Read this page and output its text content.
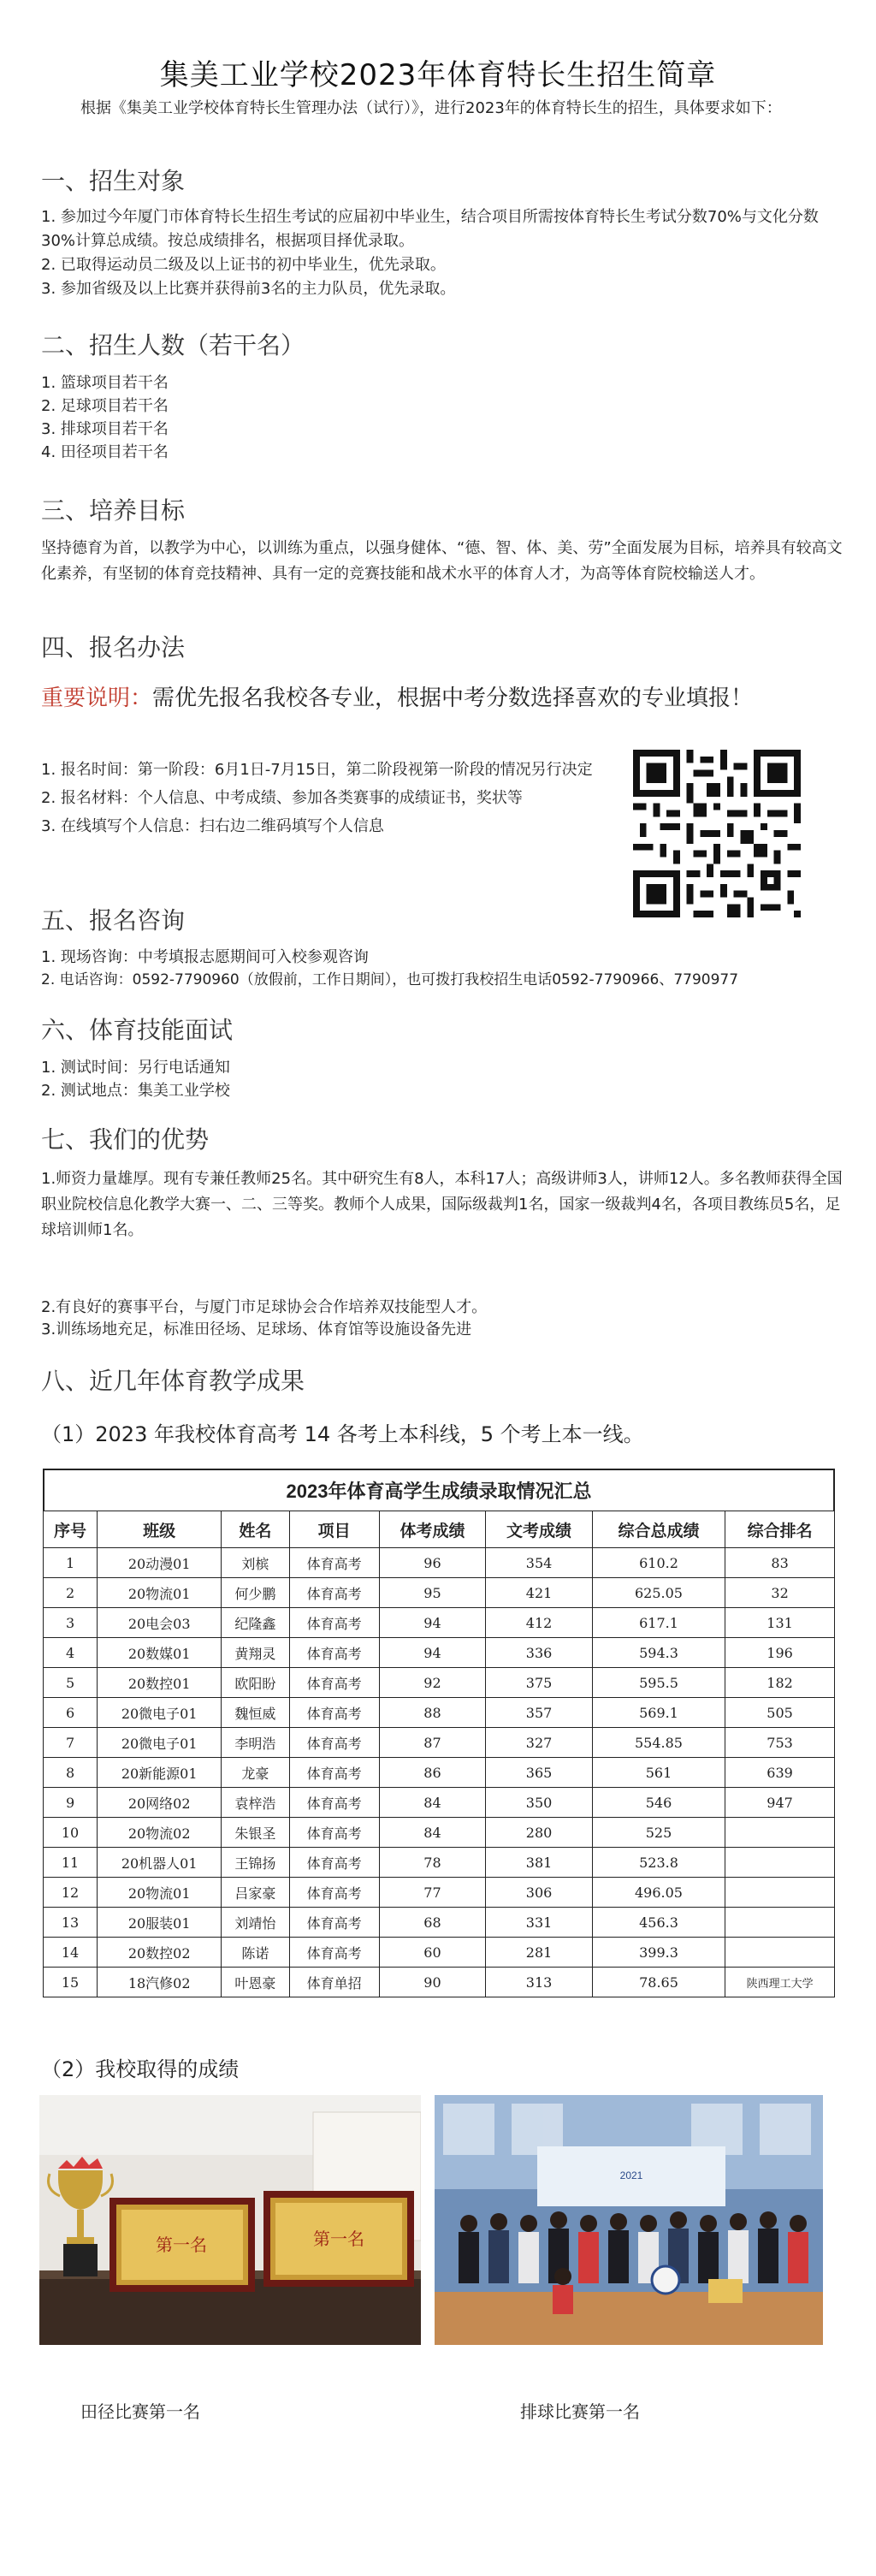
集美工业学校2023年体育特长生招生简章
根据《集美工业学校体育特长生管理办法（试行）》，进行2023年的体育特长生的招生，具体要求如下：
一、招生对象
1. 参加过今年厦门市体育特长生招生考试的应届初中毕业生，结合项目所需按体育特长生考试分数70%与文化分数30%计算总成绩。按总成绩排名，根据项目择优录取。
2. 已取得运动员二级及以上证书的初中毕业生，优先录取。
3. 参加省级及以上比赛并获得前3名的主力队员，优先录取。
二、招生人数（若干名）
1. 篮球项目若干名
2. 足球项目若干名
3. 排球项目若干名
4. 田径项目若干名
三、培养目标
坚持德育为首，以教学为中心，以训练为重点，以强身健体、“德、智、体、美、劳”全面发展为目标，培养具有较高文化素养，有坚韧的体育竞技精神、具有一定的竞赛技能和战术水平的体育人才，为高等体育院校输送人才。
四、报名办法
重要说明：需优先报名我校各专业，根据中考分数选择喜欢的专业填报！
1. 报名时间：第一阶段：6月1日-7月15日，第二阶段视第一阶段的情况另行决定
2. 报名材料：个人信息、中考成绩、参加各类赛事的成绩证书，奖状等
3. 在线填写个人信息：扫右边二维码填写个人信息
五、报名咨询
1. 现场咨询：中考填报志愿期间可入校参观咨询
2. 电话咨询：0592-7790960（放假前，工作日期间），也可拨打我校招生电话0592-7790966、7790977
六、体育技能面试
1. 测试时间：另行电话通知
2. 测试地点：集美工业学校
七、我们的优势
1.师资力量雄厚。现有专兼任教师25名。其中研究生有8人，本科17人；高级讲师3人，讲师12人。多名教师获得全国职业院校信息化教学大赛一、二、三等奖。教师个人成果，国际级裁判1名，国家一级裁判4名，各项目教练员5名，足球培训师1名。
2.有良好的赛事平台，与厦门市足球协会合作培养双技能型人才。
3.训练场地充足，标准田径场、足球场、体育馆等设施设备先进
八、近几年体育教学成果
（1）2023 年我校体育高考 14 各考上本科线，5 个考上本一线。
2023年体育高学生成绩录取情况汇总
序号	班级	姓名	项目	体考成绩	文考成绩	综合总成绩	综合排名
1	20动漫01	刘槟	体育高考	96	354	610.2	83
2	20物流01	何少鹏	体育高考	95	421	625.05	32
3	20电会03	纪隆鑫	体育高考	94	412	617.1	131
4	20数媒01	黄翔灵	体育高考	94	336	594.3	196
5	20数控01	欧阳盼	体育高考	92	375	595.5	182
6	20微电子01	魏恒威	体育高考	88	357	569.1	505
7	20微电子01	李明浩	体育高考	87	327	554.85	753
8	20新能源01	龙豪	体育高考	86	365	561	639
9	20网络02	袁梓浩	体育高考	84	350	546	947
10	20物流02	朱银圣	体育高考	84	280	525	
11	20机器人01	王锦扬	体育高考	78	381	523.8	
12	20物流01	吕家豪	体育高考	77	306	496.05	
13	20服装01	刘靖怡	体育高考	68	331	456.3	
14	20数控02	陈诺	体育高考	60	281	399.3	
15	18汽修02	叶恩豪	体育单招	90	313	78.65	陕西理工大学
（2）我校取得的成绩
第一名	第一名
2021
田径比赛第一名	排球比赛第一名
